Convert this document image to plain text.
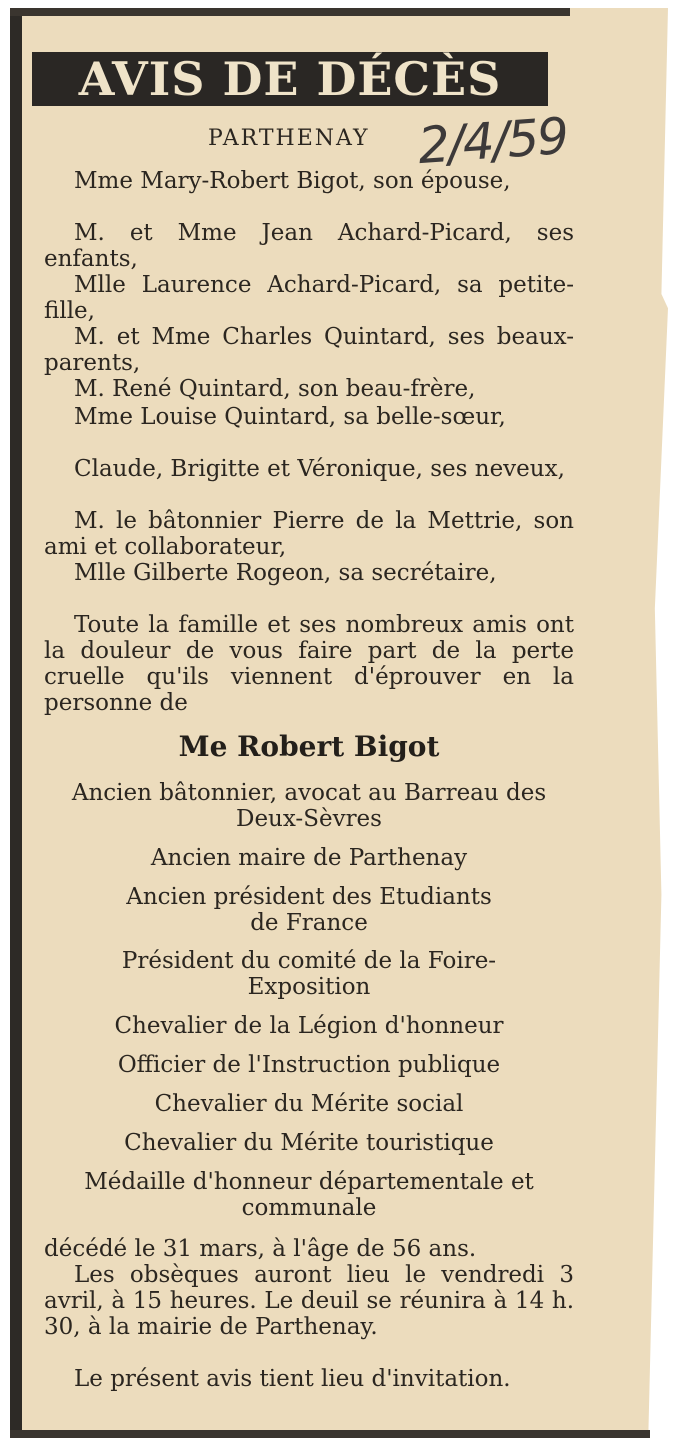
AVIS DE DÉCÈS
PARTHENAY 2/4/59
Mme Mary-Robert Bigot, son épouse,
M. et Mme Jean Achard-Picard, ses enfants,
Mlle Laurence Achard-Picard, sa petite-fille,
M. et Mme Charles Quintard, ses beaux-parents,
M. René Quintard, son beau-frère,
Mme Louise Quintard, sa belle-sœur,
Claude, Brigitte et Véronique, ses neveux,
M. le bâtonnier Pierre de la Mettrie, son ami et collaborateur,
Mlle Gilberte Rogeon, sa secrétaire,
Toute la famille et ses nombreux amis ont la douleur de vous faire part de la perte cruelle qu'ils viennent d'éprouver en la personne de
Me Robert Bigot
Ancien bâtonnier, avocat au Barreau des Deux-Sèvres
Ancien maire de Parthenay
Ancien président des Etudiants de France
Président du comité de la Foire-Exposition
Chevalier de la Légion d'honneur
Officier de l'Instruction publique
Chevalier du Mérite social
Chevalier du Mérite touristique
Médaille d'honneur départementale et communale
décédé le 31 mars, à l'âge de 56 ans.
Les obsèques auront lieu le vendredi 3 avril, à 15 heures. Le deuil se réunira à 14 h. 30, à la mairie de Parthenay.
Le présent avis tient lieu d'invitation.
